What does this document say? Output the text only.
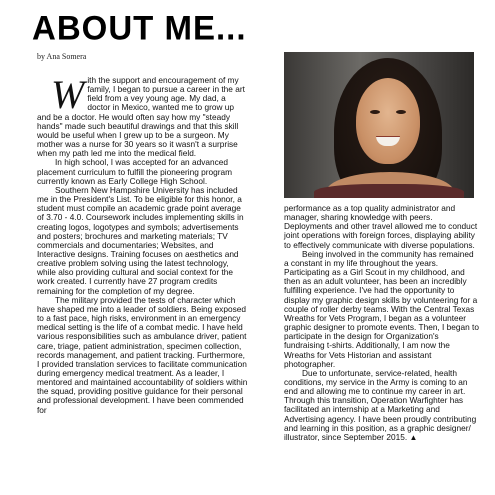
ABOUT ME...
by Ana Somera

With the support and encouragement of my family, I began to pursue a career in the art field from a vey young age. My dad, a doctor in Mexico, wanted me to grow up and be a doctor. He would often say how my "steady hands" made such beautiful drawings and that this skill would be useful when I grew up to be a surgeon. My mother was a nurse for 30 years so it wasn't a surprise when my path led me into the medical field.

In high school, I was accepted for an advanced placement curriculum to fulfill the pioneering program currently known as Early College High School.

Southern New Hampshire University has included me in the President's List. To be eligible for this honor, a student must compile an academic grade point average of 3.70 - 4.0. Coursework includes implementing skills in creating logos, logotypes and symbols; advertisements and posters; brochures and marketing materials; TV commercials and documentaries; Websites, and Interactive designs. Training focuses on aesthetics and creative problem solving using the latest technology, while also providing cultural and social context for the work created. I currently have 27 program credits remaining for the completion of my degree.

The military provided the tests of character which have shaped me into a leader of soldiers. Being exposed to a fast pace, high risks, environment in an emergency medical setting is the life of a combat medic. I have held various responsibilities such as ambulance driver, patient care, triage, patient administration, specimen collection, records management, and patient tracking. Furthermore, I provided translation services to facilitate communication during emergency medical treatment. As a leader, I mentored and maintained accountability of soldiers within the squad, providing positive guidance for their personal and professional development. I have been commended for

performance as a top quality administrator and manager, sharing knowledge with peers. Deployments and other travel allowed me to conduct joint operations with foreign forces, displaying ability to effectively communicate with diverse populations.

Being involved in the community has remained a constant in my life throughout the years. Participating as a Girl Scout in my childhood, and then as an adult volunteer, has been an incredibly fulfilling experience. I've had the opportunity to display my graphic design skills by volunteering for a couple of roller derby teams. With the Central Texas Wreaths for Vets Program, I began as a volunteer graphic designer to promote events. Then, I began to participate in the design for Organization's fundraising t-shirts. Additionally, I am now the Wreaths for Vets Historian and assistant photographer.

Due to unfortunate, service-related, health conditions, my service in the Army is coming to an end and allowing me to continue my career in art. Through this transition, Operation Warfighter has facilitated an internship at a Marketing and Advertising agency. I have been proudly contributing and learning in this position, as a graphic designer/ illustrator, since September 2015. ▲
